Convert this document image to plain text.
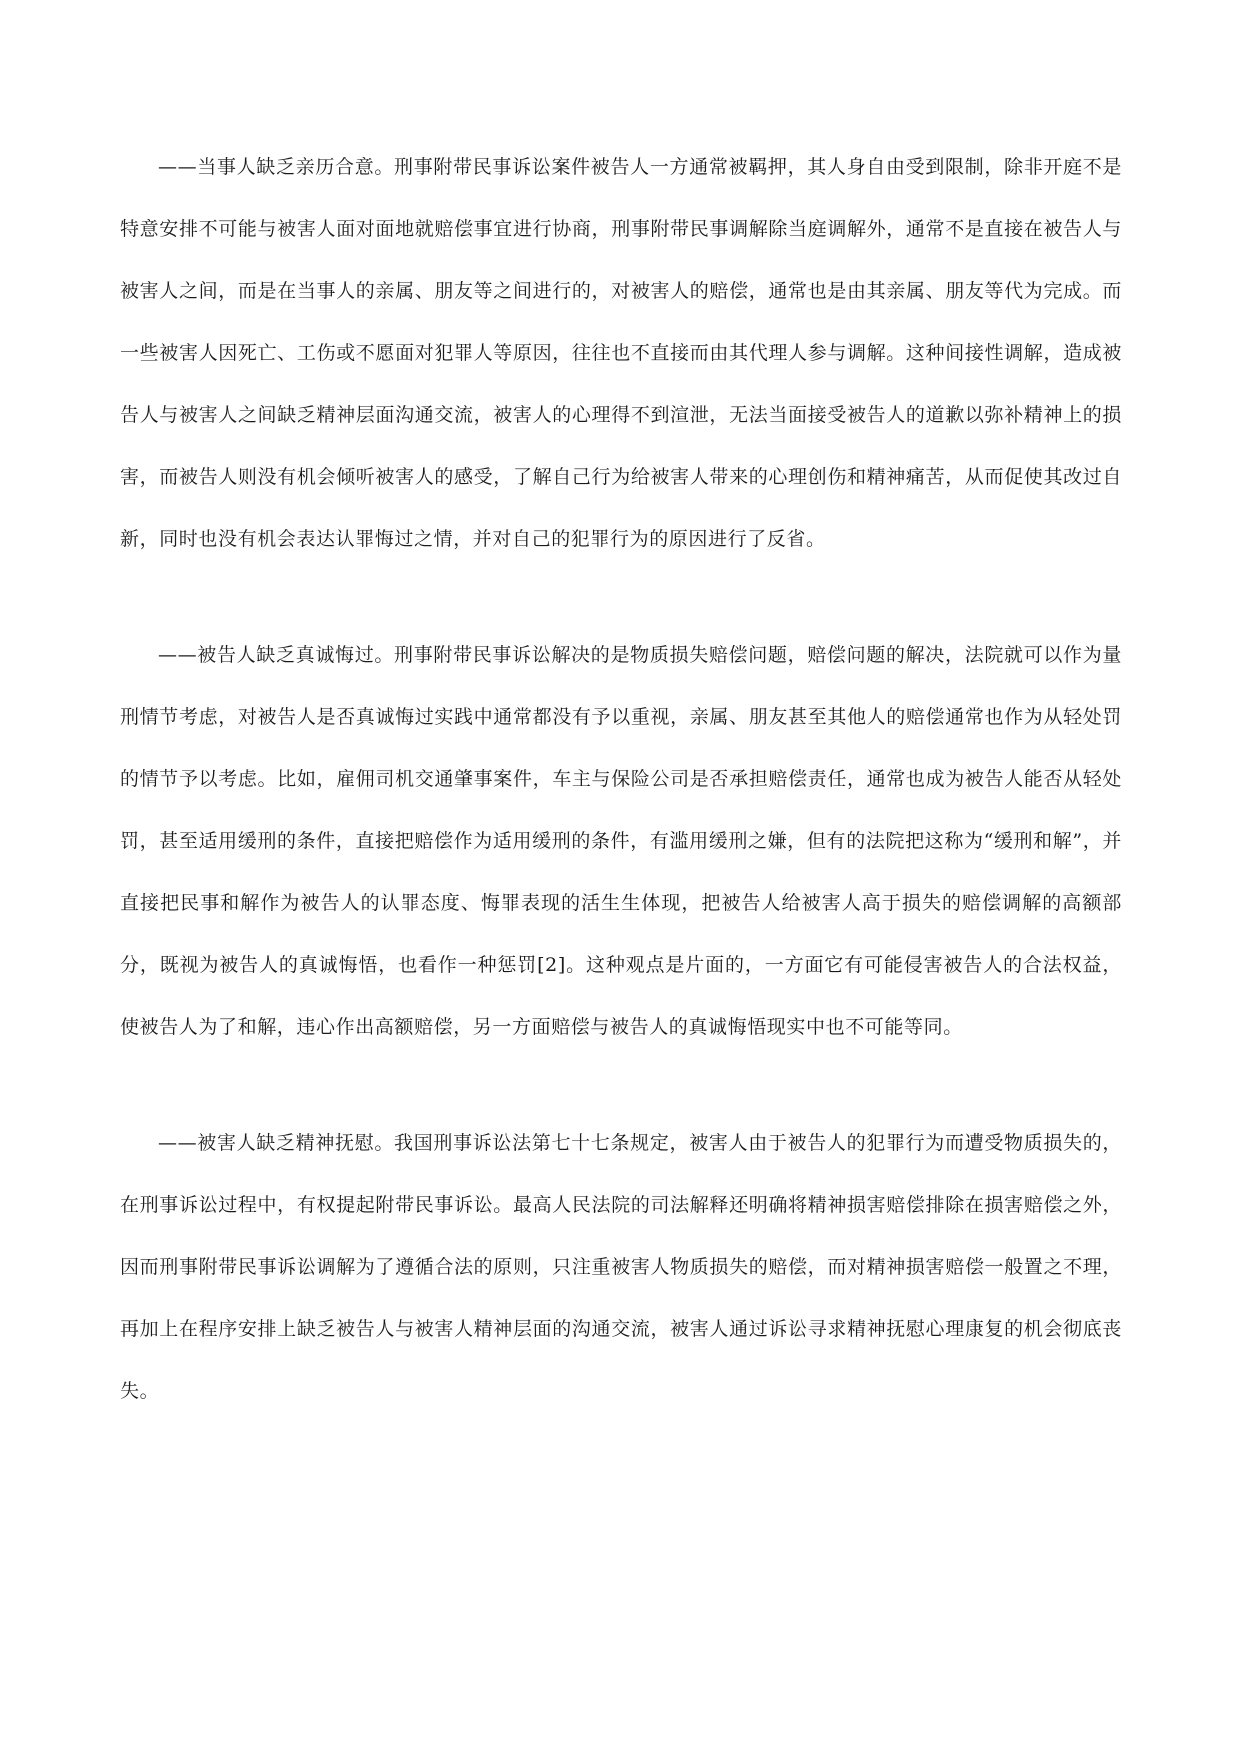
——当事人缺乏亲历合意。刑事附带民事诉讼案件被告人一方通常被羁押，其人身自由受到限制，除非开庭不是特意安排不可能与被害人面对面地就赔偿事宜进行协商，刑事附带民事调解除当庭调解外，通常不是直接在被告人与被害人之间，而是在当事人的亲属、朋友等之间进行的，对被害人的赔偿，通常也是由其亲属、朋友等代为完成。而一些被害人因死亡、工伤或不愿面对犯罪人等原因，往往也不直接而由其代理人参与调解。这种间接性调解，造成被告人与被害人之间缺乏精神层面沟通交流，被害人的心理得不到渲泄，无法当面接受被告人的道歉以弥补精神上的损害，而被告人则没有机会倾听被害人的感受，了解自己行为给被害人带来的心理创伤和精神痛苦，从而促使其改过自新，同时也没有机会表达认罪悔过之情，并对自己的犯罪行为的原因进行了反省。

——被告人缺乏真诚悔过。刑事附带民事诉讼解决的是物质损失赔偿问题，赔偿问题的解决，法院就可以作为量刑情节考虑，对被告人是否真诚悔过实践中通常都没有予以重视，亲属、朋友甚至其他人的赔偿通常也作为从轻处罚的情节予以考虑。比如，雇佣司机交通肇事案件，车主与保险公司是否承担赔偿责任，通常也成为被告人能否从轻处罚，甚至适用缓刑的条件，直接把赔偿作为适用缓刑的条件，有滥用缓刑之嫌，但有的法院把这称为“缓刑和解”，并直接把民事和解作为被告人的认罪态度、悔罪表现的活生生体现，把被告人给被害人高于损失的赔偿调解的高额部分，既视为被告人的真诚悔悟，也看作一种惩罚[2]。这种观点是片面的，一方面它有可能侵害被告人的合法权益，使被告人为了和解，违心作出高额赔偿，另一方面赔偿与被告人的真诚悔悟现实中也不可能等同。

——被害人缺乏精神抚慰。我国刑事诉讼法第七十七条规定，被害人由于被告人的犯罪行为而遭受物质损失的，在刑事诉讼过程中，有权提起附带民事诉讼。最高人民法院的司法解释还明确将精神损害赔偿排除在损害赔偿之外，因而刑事附带民事诉讼调解为了遵循合法的原则，只注重被害人物质损失的赔偿，而对精神损害赔偿一般置之不理，再加上在程序安排上缺乏被告人与被害人精神层面的沟通交流，被害人通过诉讼寻求精神抚慰心理康复的机会彻底丧失。
